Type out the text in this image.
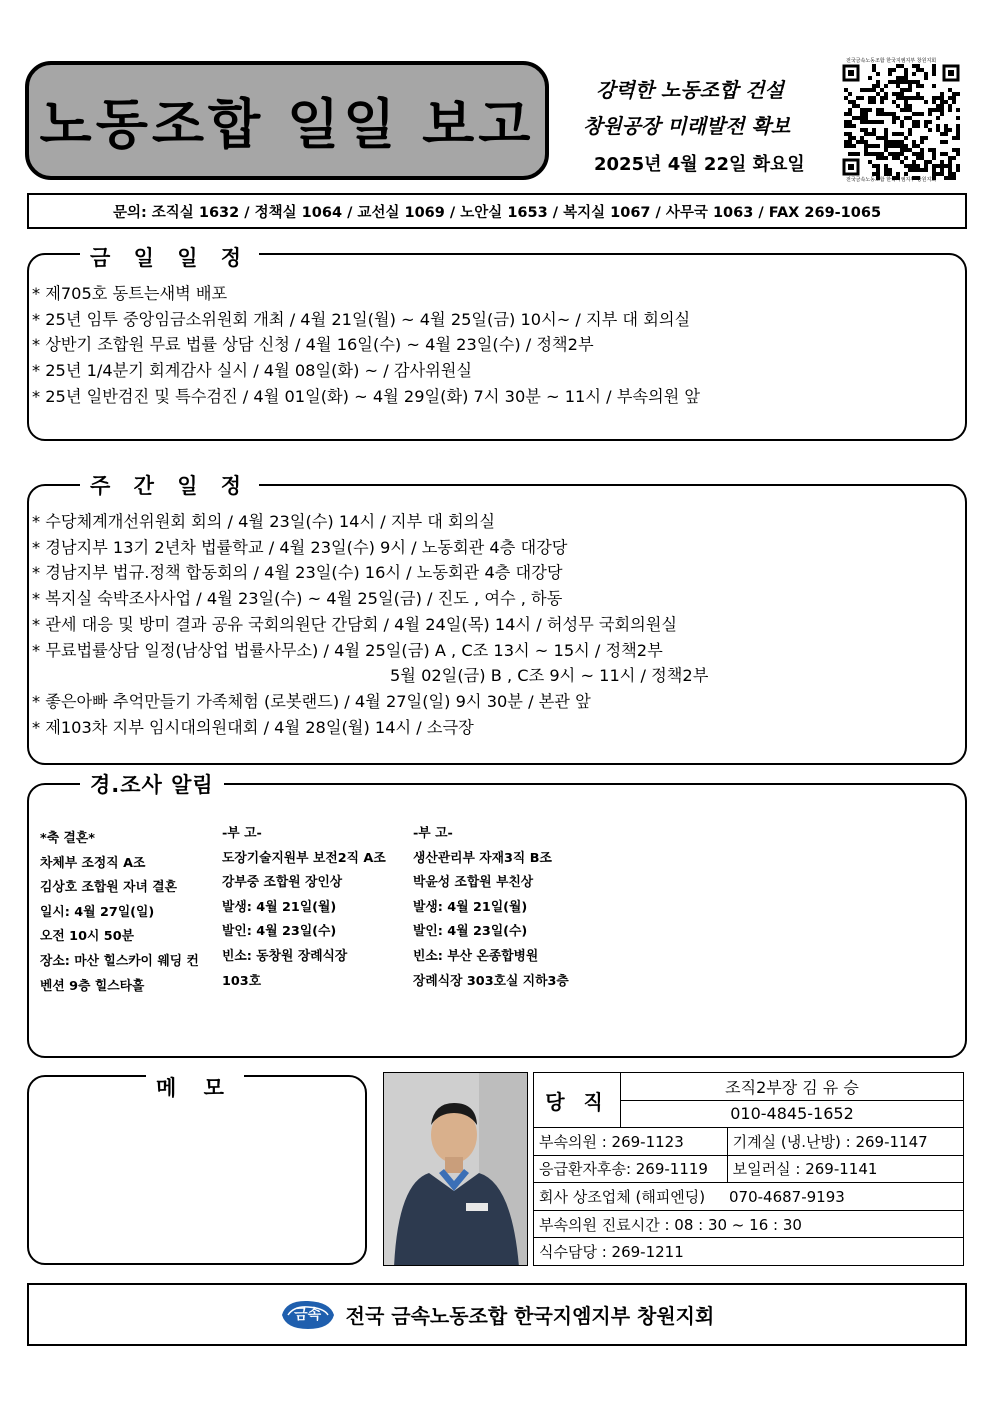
노동조합 일일 보고
강력한 노동조합 건설
창원공장 미래발전 확보
2025년 4월 22일 화요일
전국금속노동조합 한국지엠지부 창원지회
전국금속노동조합 한국지엠지부 창원지회
문의: 조직실 1632 / 정책실 1064 / 교선실 1069 / 노안실 1653 / 복지실 1067 / 사무국 1063 / FAX 269-1065
금 일 일 정
* 제705호 동트는새벽 배포
* 25년 임투 중앙임금소위원회 개최 / 4월 21일(월) ~ 4월 25일(금) 10시~ / 지부 대 회의실
* 상반기 조합원 무료 법률 상담 신청 / 4월 16일(수) ~ 4월 23일(수) / 정책2부
* 25년 1/4분기 회계감사 실시 / 4월 08일(화) ~ / 감사위원실
* 25년 일반검진 및 특수검진 / 4월 01일(화) ~ 4월 29일(화) 7시 30분 ~ 11시 / 부속의원 앞
주 간 일 정
* 수당체계개선위원회 회의 / 4월 23일(수) 14시 / 지부 대 회의실
* 경남지부 13기 2년차 법률학교 / 4월 23일(수) 9시 / 노동회관 4층 대강당
* 경남지부 법규.정책 합동회의 / 4월 23일(수) 16시 / 노동회관 4층 대강당
* 복지실 숙박조사사업 / 4월 23일(수) ~ 4월 25일(금) / 진도 , 여수 , 하동
* 관세 대응 및 방미 결과 공유 국회의원단 간담회 / 4월 24일(목) 14시 / 허성무 국회의원실
* 무료법률상담 일정(남상업 법률사무소) / 4월 25일(금) A , C조 13시 ~ 15시 / 정책2부
5월 02일(금) B , C조 9시 ~ 11시 / 정책2부
* 좋은아빠 추억만들기 가족체험 (로봇랜드) / 4월 27일(일) 9시 30분 / 본관 앞
* 제103차 지부 임시대의원대회 / 4월 28일(월) 14시 / 소극장
경.조사 알림
*축 결혼*
차체부 조정직 A조
김상호 조합원 자녀 결혼
일시: 4월 27일(일)
오전 10시 50분
장소: 마산 힐스카이 웨딩 컨
벤션 9층 힐스타홀
-부 고-
도장기술지원부 보전2직 A조
강부중 조합원 장인상
발생: 4월 21일(월)
발인: 4월 23일(수)
빈소: 동창원 장례식장
103호
-부 고-
생산관리부 자재3직 B조
박윤성 조합원 부친상
발생: 4월 21일(월)
발인: 4월 23일(수)
빈소: 부산 온종합병원
장례식장 303호실 지하3층
메 모
당 직	조직2부장 김 유 승	
	010-4845-1652	
부속의원 : 269-1123		기계실 (냉.난방) : 269-1147
응급환자후송: 269-1119		보일러실 : 269-1141
회사 상조업체 (해피엔딩)     070-4687-9193		
부속의원 진료시간 : 08 : 30 ~ 16 : 30		
식수담당 : 269-1211		
금속	전국 금속노동조합 한국지엠지부 창원지회
